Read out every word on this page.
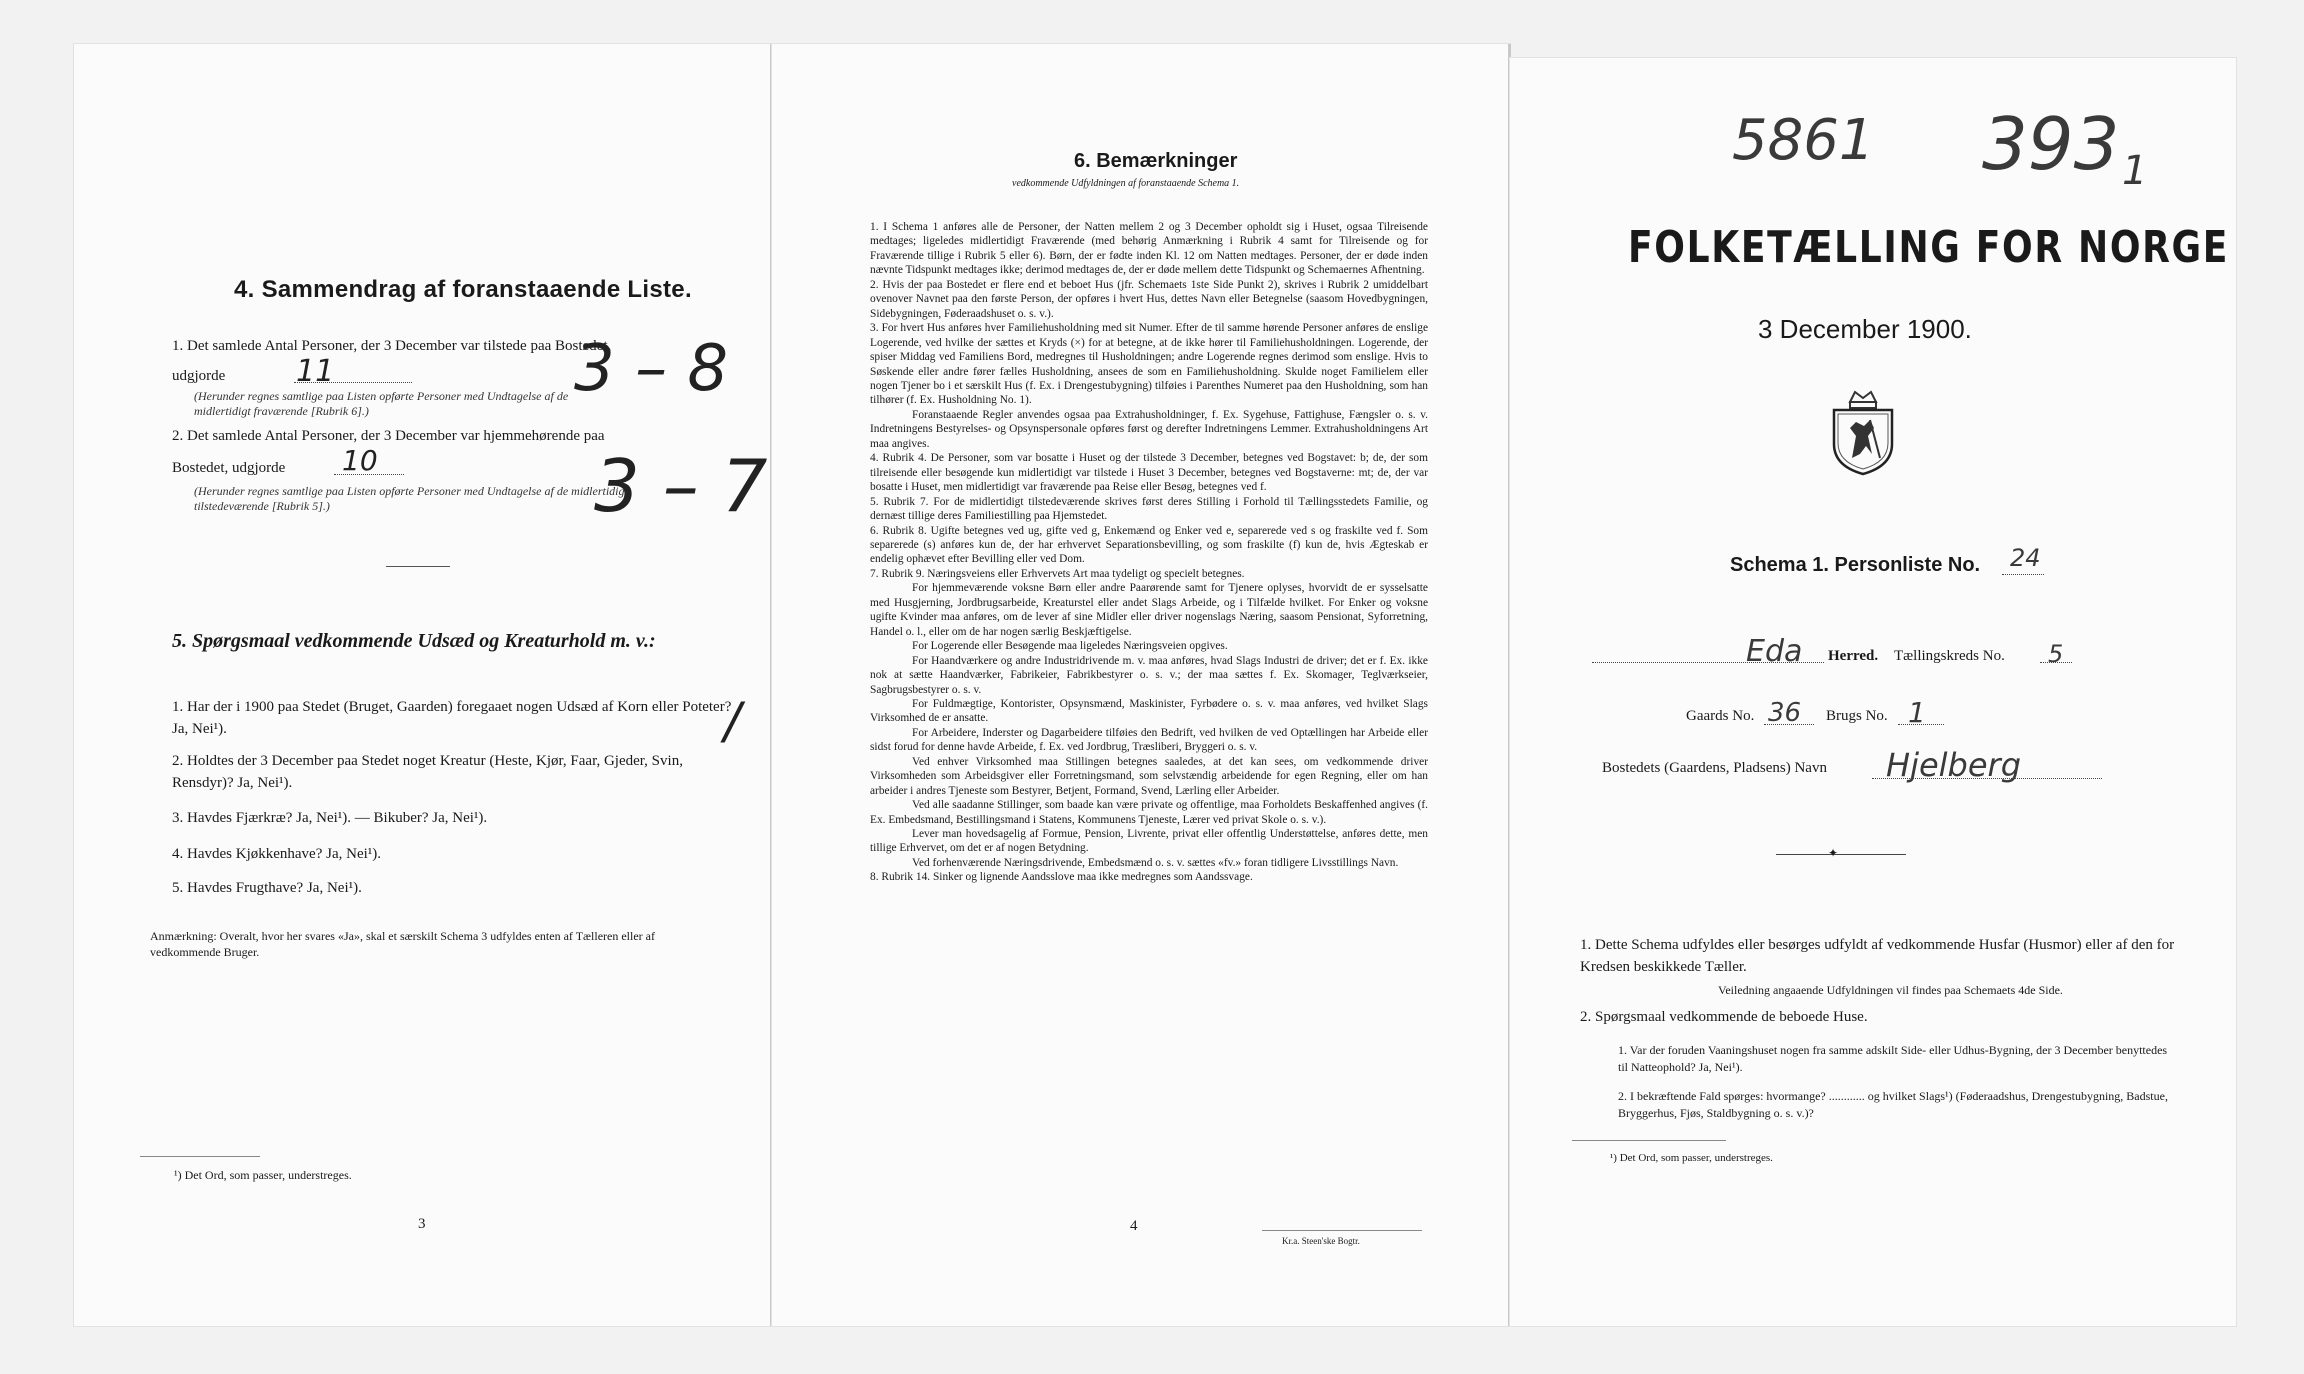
4. Sammendrag af foranstaaende Liste.
1. Det samlede Antal Personer, der 3 December var tilstede paa Bostedet,
udgjorde 11
(Herunder regnes samtlige paa Listen opførte Personer med Undtagelse af de midlertidigt fraværende [Rubrik 6].)
3 – 8
2. Det samlede Antal Personer, der 3 December var hjemmehørende paa
Bostedet, udgjorde 10
(Herunder regnes samtlige paa Listen opførte Personer med Undtagelse af de midlertidigt tilstedeværende [Rubrik 5].)	3 – 7
5. Spørgsmaal vedkommende Udsæd og Kreaturhold m. v.:
1. Har der i 1900 paa Stedet (Bruget, Gaarden) foregaaet nogen Udsæd af Korn eller Poteter? Ja, Nei¹).	/
2. Holdtes der 3 December paa Stedet noget Kreatur (Heste, Kjør, Faar, Gjeder, Svin, Rensdyr)? Ja, Nei¹).
3. Havdes Fjærkræ? Ja, Nei¹). — Bikuber? Ja, Nei¹).
4. Havdes Kjøkkenhave? Ja, Nei¹).
5. Havdes Frugthave? Ja, Nei¹).
Anmærkning: Overalt, hvor her svares «Ja», skal et særskilt Schema 3 udfyldes enten af Tælleren eller af vedkommende Bruger.
¹) Det Ord, som passer, understreges.
3
6. Bemærkninger
vedkommende Udfyldningen af foranstaaende Schema 1.

1. I Schema 1 anføres alle de Personer, der Natten mellem 2 og 3 December opholdt sig i Huset, ogsaa Tilreisende medtages; ligeledes midlertidigt Fraværende (med behørig Anmærkning i Rubrik 4 samt for Tilreisende og for Fraværende tillige i Rubrik 5 eller 6). Børn, der er fødte inden Kl. 12 om Natten medtages. Personer, der er døde inden nævnte Tidspunkt medtages ikke; derimod medtages de, der er døde mellem dette Tidspunkt og Schemaernes Afhentning.

2. Hvis der paa Bostedet er flere end et beboet Hus (jfr. Schemaets 1ste Side Punkt 2), skrives i Rubrik 2 umiddelbart ovenover Navnet paa den første Person, der opføres i hvert Hus, dettes Navn eller Betegnelse (saasom Hovedbygningen, Sidebygningen, Føderaadshuset o. s. v.).

3. For hvert Hus anføres hver Familiehusholdning med sit Numer. Efter de til samme hørende Personer anføres de enslige Logerende, ved hvilke der sættes et Kryds (×) for at betegne, at de ikke hører til Familiehusholdningen. Logerende, der spiser Middag ved Familiens Bord, medregnes til Husholdningen; andre Logerende regnes derimod som enslige. Hvis to Søskende eller andre fører fælles Husholdning, ansees de som en Familiehusholdning. Skulde noget Familielem eller nogen Tjener bo i et særskilt Hus (f. Ex. i Drengestubygning) tilføies i Parenthes Numeret paa den Husholdning, som han tilhører (f. Ex. Husholdning No. 1).

Foranstaaende Regler anvendes ogsaa paa Extrahusholdninger, f. Ex. Sygehuse, Fattighuse, Fængsler o. s. v. Indretningens Bestyrelses- og Opsynspersonale opføres først og derefter Indretningens Lemmer. Extrahusholdningens Art maa angives.

4. Rubrik 4. De Personer, som var bosatte i Huset og der tilstede 3 December, betegnes ved Bogstavet: b; de, der som tilreisende eller besøgende kun midlertidigt var tilstede i Huset 3 December, betegnes ved Bogstaverne: mt; de, der var bosatte i Huset, men midlertidigt var fraværende paa Reise eller Besøg, betegnes ved f.

5. Rubrik 7. For de midlertidigt tilstedeværende skrives først deres Stilling i Forhold til Tællingsstedets Familie, og dernæst tillige deres Familiestilling paa Hjemstedet.

6. Rubrik 8. Ugifte betegnes ved ug, gifte ved g, Enkemænd og Enker ved e, separerede ved s og fraskilte ved f. Som separerede (s) anføres kun de, der har erhvervet Separationsbevilling, og som fraskilte (f) kun de, hvis Ægteskab er endelig ophævet efter Bevilling eller ved Dom.

7. Rubrik 9. Næringsveiens eller Erhvervets Art maa tydeligt og specielt betegnes.

For hjemmeværende voksne Børn eller andre Paarørende samt for Tjenere oplyses, hvorvidt de er sysselsatte med Husgjerning, Jordbrugsarbeide, Kreaturstel eller andet Slags Arbeide, og i Tilfælde hvilket. For Enker og voksne ugifte Kvinder maa anføres, om de lever af sine Midler eller driver nogenslags Næring, saasom Pensionat, Syforretning, Handel o. l., eller om de har nogen særlig Beskjæftigelse.

For Logerende eller Besøgende maa ligeledes Næringsveien opgives.

For Haandværkere og andre Industridrivende m. v. maa anføres, hvad Slags Industri de driver; det er f. Ex. ikke nok at sætte Haandværker, Fabrikeier, Fabrikbestyrer o. s. v.; der maa sættes f. Ex. Skomager, Teglværkseier, Sagbrugsbestyrer o. s. v.

For Fuldmægtige, Kontorister, Opsynsmænd, Maskinister, Fyrbødere o. s. v. maa anføres, ved hvilket Slags Virksomhed de er ansatte.

For Arbeidere, Inderster og Dagarbeidere tilføies den Bedrift, ved hvilken de ved Optællingen har Arbeide eller sidst forud for denne havde Arbeide, f. Ex. ved Jordbrug, Træsliberi, Bryggeri o. s. v.

Ved enhver Virksomhed maa Stillingen betegnes saaledes, at det kan sees, om vedkommende driver Virksomheden som Arbeidsgiver eller Forretningsmand, som selvstændig arbeidende for egen Regning, eller om han arbeider i andres Tjeneste som Bestyrer, Betjent, Formand, Svend, Lærling eller Arbeider.

Ved alle saadanne Stillinger, som baade kan være private og offentlige, maa Forholdets Beskaffenhed angives (f. Ex. Embedsmand, Bestillingsmand i Statens, Kommunens Tjeneste, Lærer ved privat Skole o. s. v.).

Lever man hovedsagelig af Formue, Pension, Livrente, privat eller offentlig Understøttelse, anføres dette, men tillige Erhvervet, om det er af nogen Betydning.

Ved forhenværende Næringsdrivende, Embedsmænd o. s. v. sættes «fv.» foran tidligere Livsstillings Navn.

8. Rubrik 14. Sinker og lignende Aandsslove maa ikke medregnes som Aandssvage.

4
Kr.a. Steen'ske Bogtr.
5861 393 1
FOLKETÆLLING FOR NORGE
3 December 1900.
Schema 1. Personliste No. 24
Eda Herred. Tællingskreds No. 5
Gaards No. 36 Brugs No. 1
Bostedets (Gaardens, Pladsens) Navn Hjelberg
✦
1. Dette Schema udfyldes eller besørges udfyldt af vedkommende Husfar (Husmor) eller af den for Kredsen beskikkede Tæller.
Veiledning angaaende Udfyldningen vil findes paa Schemaets 4de Side.
2. Spørgsmaal vedkommende de beboede Huse.
1. Var der foruden Vaaningshuset nogen fra samme adskilt Side- eller Udhus-Bygning, der 3 December benyttedes til Natteophold? Ja, Nei¹).
2. I bekræftende Fald spørges: hvormange? ............ og hvilket Slags¹) (Føderaadshus, Drengestubygning, Badstue, Bryggerhus, Fjøs, Staldbygning o. s. v.)?
¹) Det Ord, som passer, understreges.
